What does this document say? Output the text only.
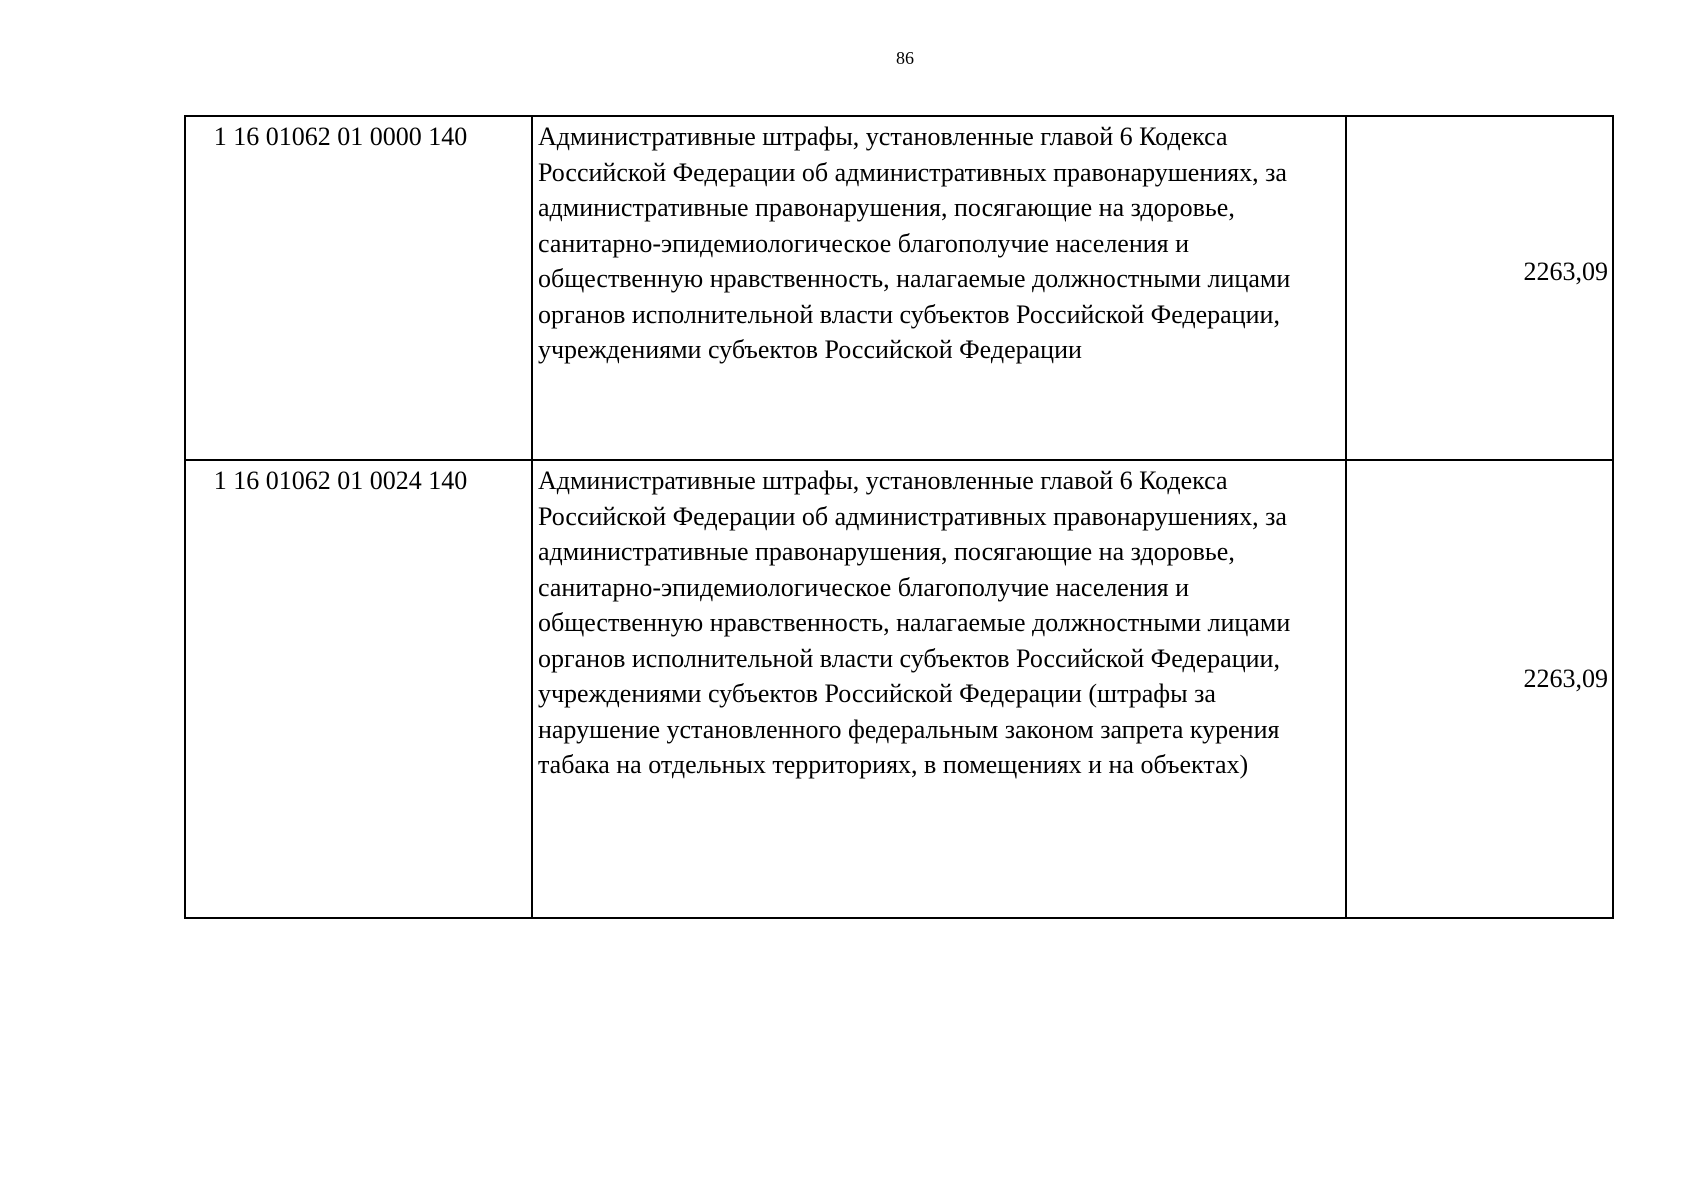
86
1 16 01062 01 0000 140	Административные штрафы, установленные главой 6 Кодекса Российской Федерации об административных правонарушениях, за административные правонарушения, посягающие на здоровье, санитарно-эпидемиологическое благополучие населения и общественную нравственность, налагаемые должностными лицами органов исполнительной власти субъектов Российской Федерации, учреждениями субъектов Российской Федерации	2263,09
1 16 01062 01 0024 140	Административные штрафы, установленные главой 6 Кодекса Российской Федерации об административных правонарушениях, за административные правонарушения, посягающие на здоровье, санитарно-эпидемиологическое благополучие населения и общественную нравственность, налагаемые должностными лицами органов исполнительной власти субъектов Российской Федерации, учреждениями субъектов Российской Федерации (штрафы за нарушение установленного федеральным законом запрета курения табака на отдельных территориях, в помещениях и на объектах)	2263,09
